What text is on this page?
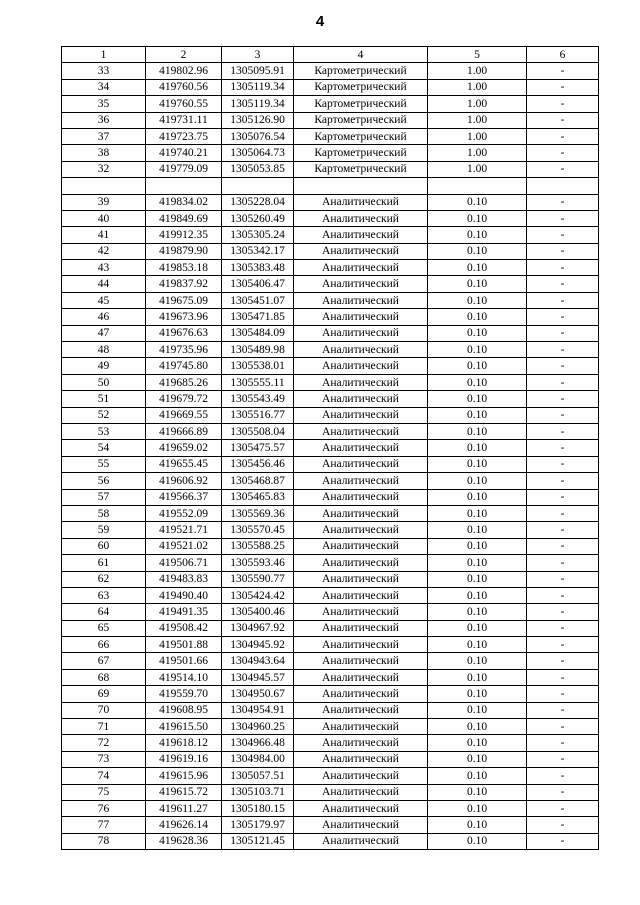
4
1	2	3	4	5	6
33	419802.96	1305095.91	Картометрический	1.00	-
34	419760.56	1305119.34	Картометрический	1.00	-
35	419760.55	1305119.34	Картометрический	1.00	-
36	419731.11	1305126.90	Картометрический	1.00	-
37	419723.75	1305076.54	Картометрический	1.00	-
38	419740.21	1305064.73	Картометрический	1.00	-
32	419779.09	1305053.85	Картометрический	1.00	-

39	419834.02	1305228.04	Аналитический	0.10	-
40	419849.69	1305260.49	Аналитический	0.10	-
41	419912.35	1305305.24	Аналитический	0.10	-
42	419879.90	1305342.17	Аналитический	0.10	-
43	419853.18	1305383.48	Аналитический	0.10	-
44	419837.92	1305406.47	Аналитический	0.10	-
45	419675.09	1305451.07	Аналитический	0.10	-
46	419673.96	1305471.85	Аналитический	0.10	-
47	419676.63	1305484.09	Аналитический	0.10	-
48	419735.96	1305489.98	Аналитический	0.10	-
49	419745.80	1305538.01	Аналитический	0.10	-
50	419685.26	1305555.11	Аналитический	0.10	-
51	419679.72	1305543.49	Аналитический	0.10	-
52	419669.55	1305516.77	Аналитический	0.10	-
53	419666.89	1305508.04	Аналитический	0.10	-
54	419659.02	1305475.57	Аналитический	0.10	-
55	419655.45	1305456.46	Аналитический	0.10	-
56	419606.92	1305468.87	Аналитический	0.10	-
57	419566.37	1305465.83	Аналитический	0.10	-
58	419552.09	1305569.36	Аналитический	0.10	-
59	419521.71	1305570.45	Аналитический	0.10	-
60	419521.02	1305588.25	Аналитический	0.10	-
61	419506.71	1305593.46	Аналитический	0.10	-
62	419483.83	1305590.77	Аналитический	0.10	-
63	419490.40	1305424.42	Аналитический	0.10	-
64	419491.35	1305400.46	Аналитический	0.10	-
65	419508.42	1304967.92	Аналитический	0.10	-
66	419501.88	1304945.92	Аналитический	0.10	-
67	419501.66	1304943.64	Аналитический	0.10	-
68	419514.10	1304945.57	Аналитический	0.10	-
69	419559.70	1304950.67	Аналитический	0.10	-
70	419608.95	1304954.91	Аналитический	0.10	-
71	419615.50	1304960.25	Аналитический	0.10	-
72	419618.12	1304966.48	Аналитический	0.10	-
73	419619.16	1304984.00	Аналитический	0.10	-
74	419615.96	1305057.51	Аналитический	0.10	-
75	419615.72	1305103.71	Аналитический	0.10	-
76	419611.27	1305180.15	Аналитический	0.10	-
77	419626.14	1305179.97	Аналитический	0.10	-
78	419628.36	1305121.45	Аналитический	0.10	-
